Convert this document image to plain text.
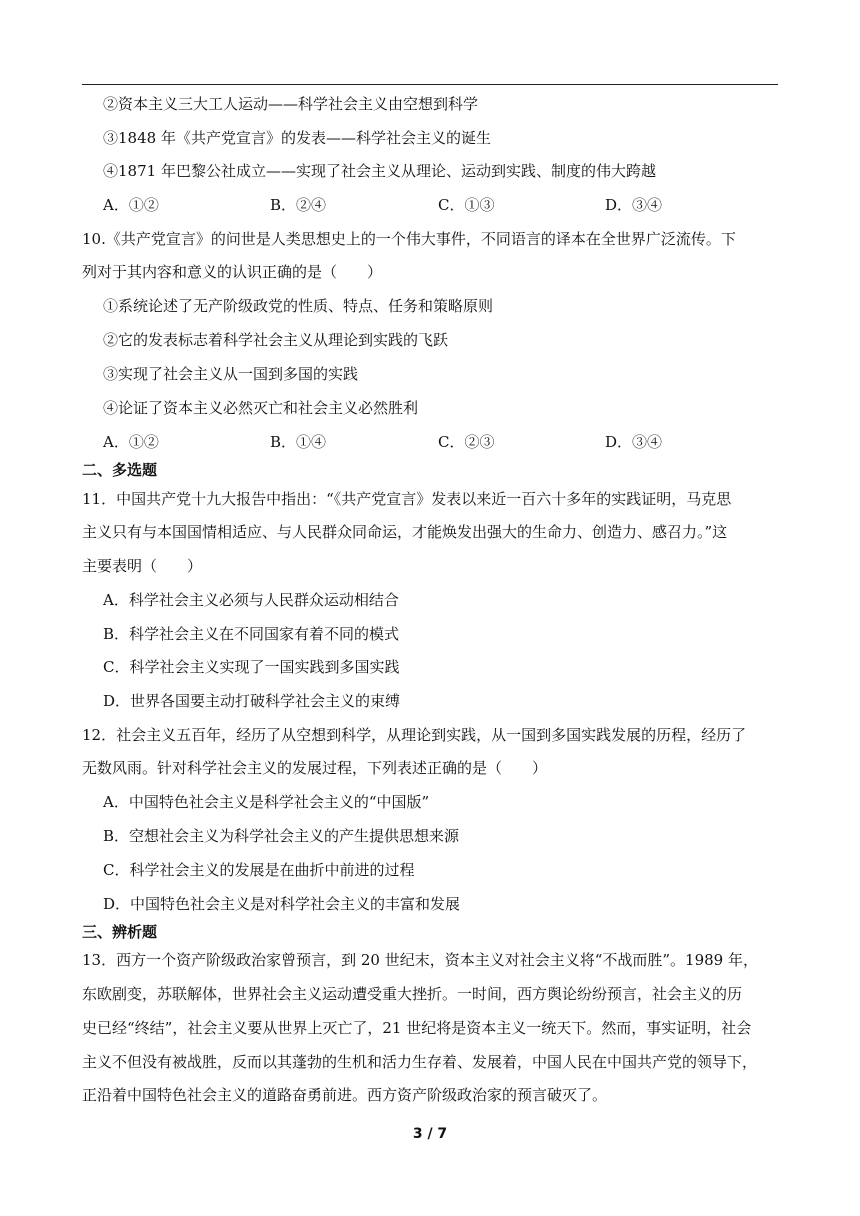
②资本主义三大工人运动——科学社会主义由空想到科学
③1848 年《共产党宣言》的发表——科学社会主义的诞生
④1871 年巴黎公社成立——实现了社会主义从理论、运动到实践、制度的伟大跨越
A．①②	B．②④	C．①③	D．③④
10.《共产党宣言》的问世是人类思想史上的一个伟大事件，不同语言的译本在全世界广泛流传。下
列对于其内容和意义的认识正确的是（　　）
①系统论述了无产阶级政党的性质、特点、任务和策略原则
②它的发表标志着科学社会主义从理论到实践的飞跃
③实现了社会主义从一国到多国的实践
④论证了资本主义必然灭亡和社会主义必然胜利
A．①②	B．①④	C．②③	D．③④
二、多选题
11．中国共产党十九大报告中指出：“《共产党宣言》发表以来近一百六十多年的实践证明，马克思
主义只有与本国国情相适应、与人民群众同命运，才能焕发出强大的生命力、创造力、感召力。”这
主要表明（　　）
A．科学社会主义必须与人民群众运动相结合
B．科学社会主义在不同国家有着不同的模式
C．科学社会主义实现了一国实践到多国实践
D．世界各国要主动打破科学社会主义的束缚
12．社会主义五百年，经历了从空想到科学，从理论到实践，从一国到多国实践发展的历程，经历了
无数风雨。针对科学社会主义的发展过程，下列表述正确的是（　　）
A．中国特色社会主义是科学社会主义的“中国版”
B．空想社会主义为科学社会主义的产生提供思想来源
C．科学社会主义的发展是在曲折中前进的过程
D．中国特色社会主义是对科学社会主义的丰富和发展
三、辨析题
13．西方一个资产阶级政治家曾预言，到 20 世纪末，资本主义对社会主义将“不战而胜”。1989 年，
东欧剧变，苏联解体，世界社会主义运动遭受重大挫折。一时间，西方舆论纷纷预言，社会主义的历
史已经“终结”，社会主义要从世界上灭亡了，21 世纪将是资本主义一统天下。然而，事实证明，社会
主义不但没有被战胜，反而以其蓬勃的生机和活力生存着、发展着，中国人民在中国共产党的领导下，
正沿着中国特色社会主义的道路奋勇前进。西方资产阶级政治家的预言破灭了。
3 / 7
